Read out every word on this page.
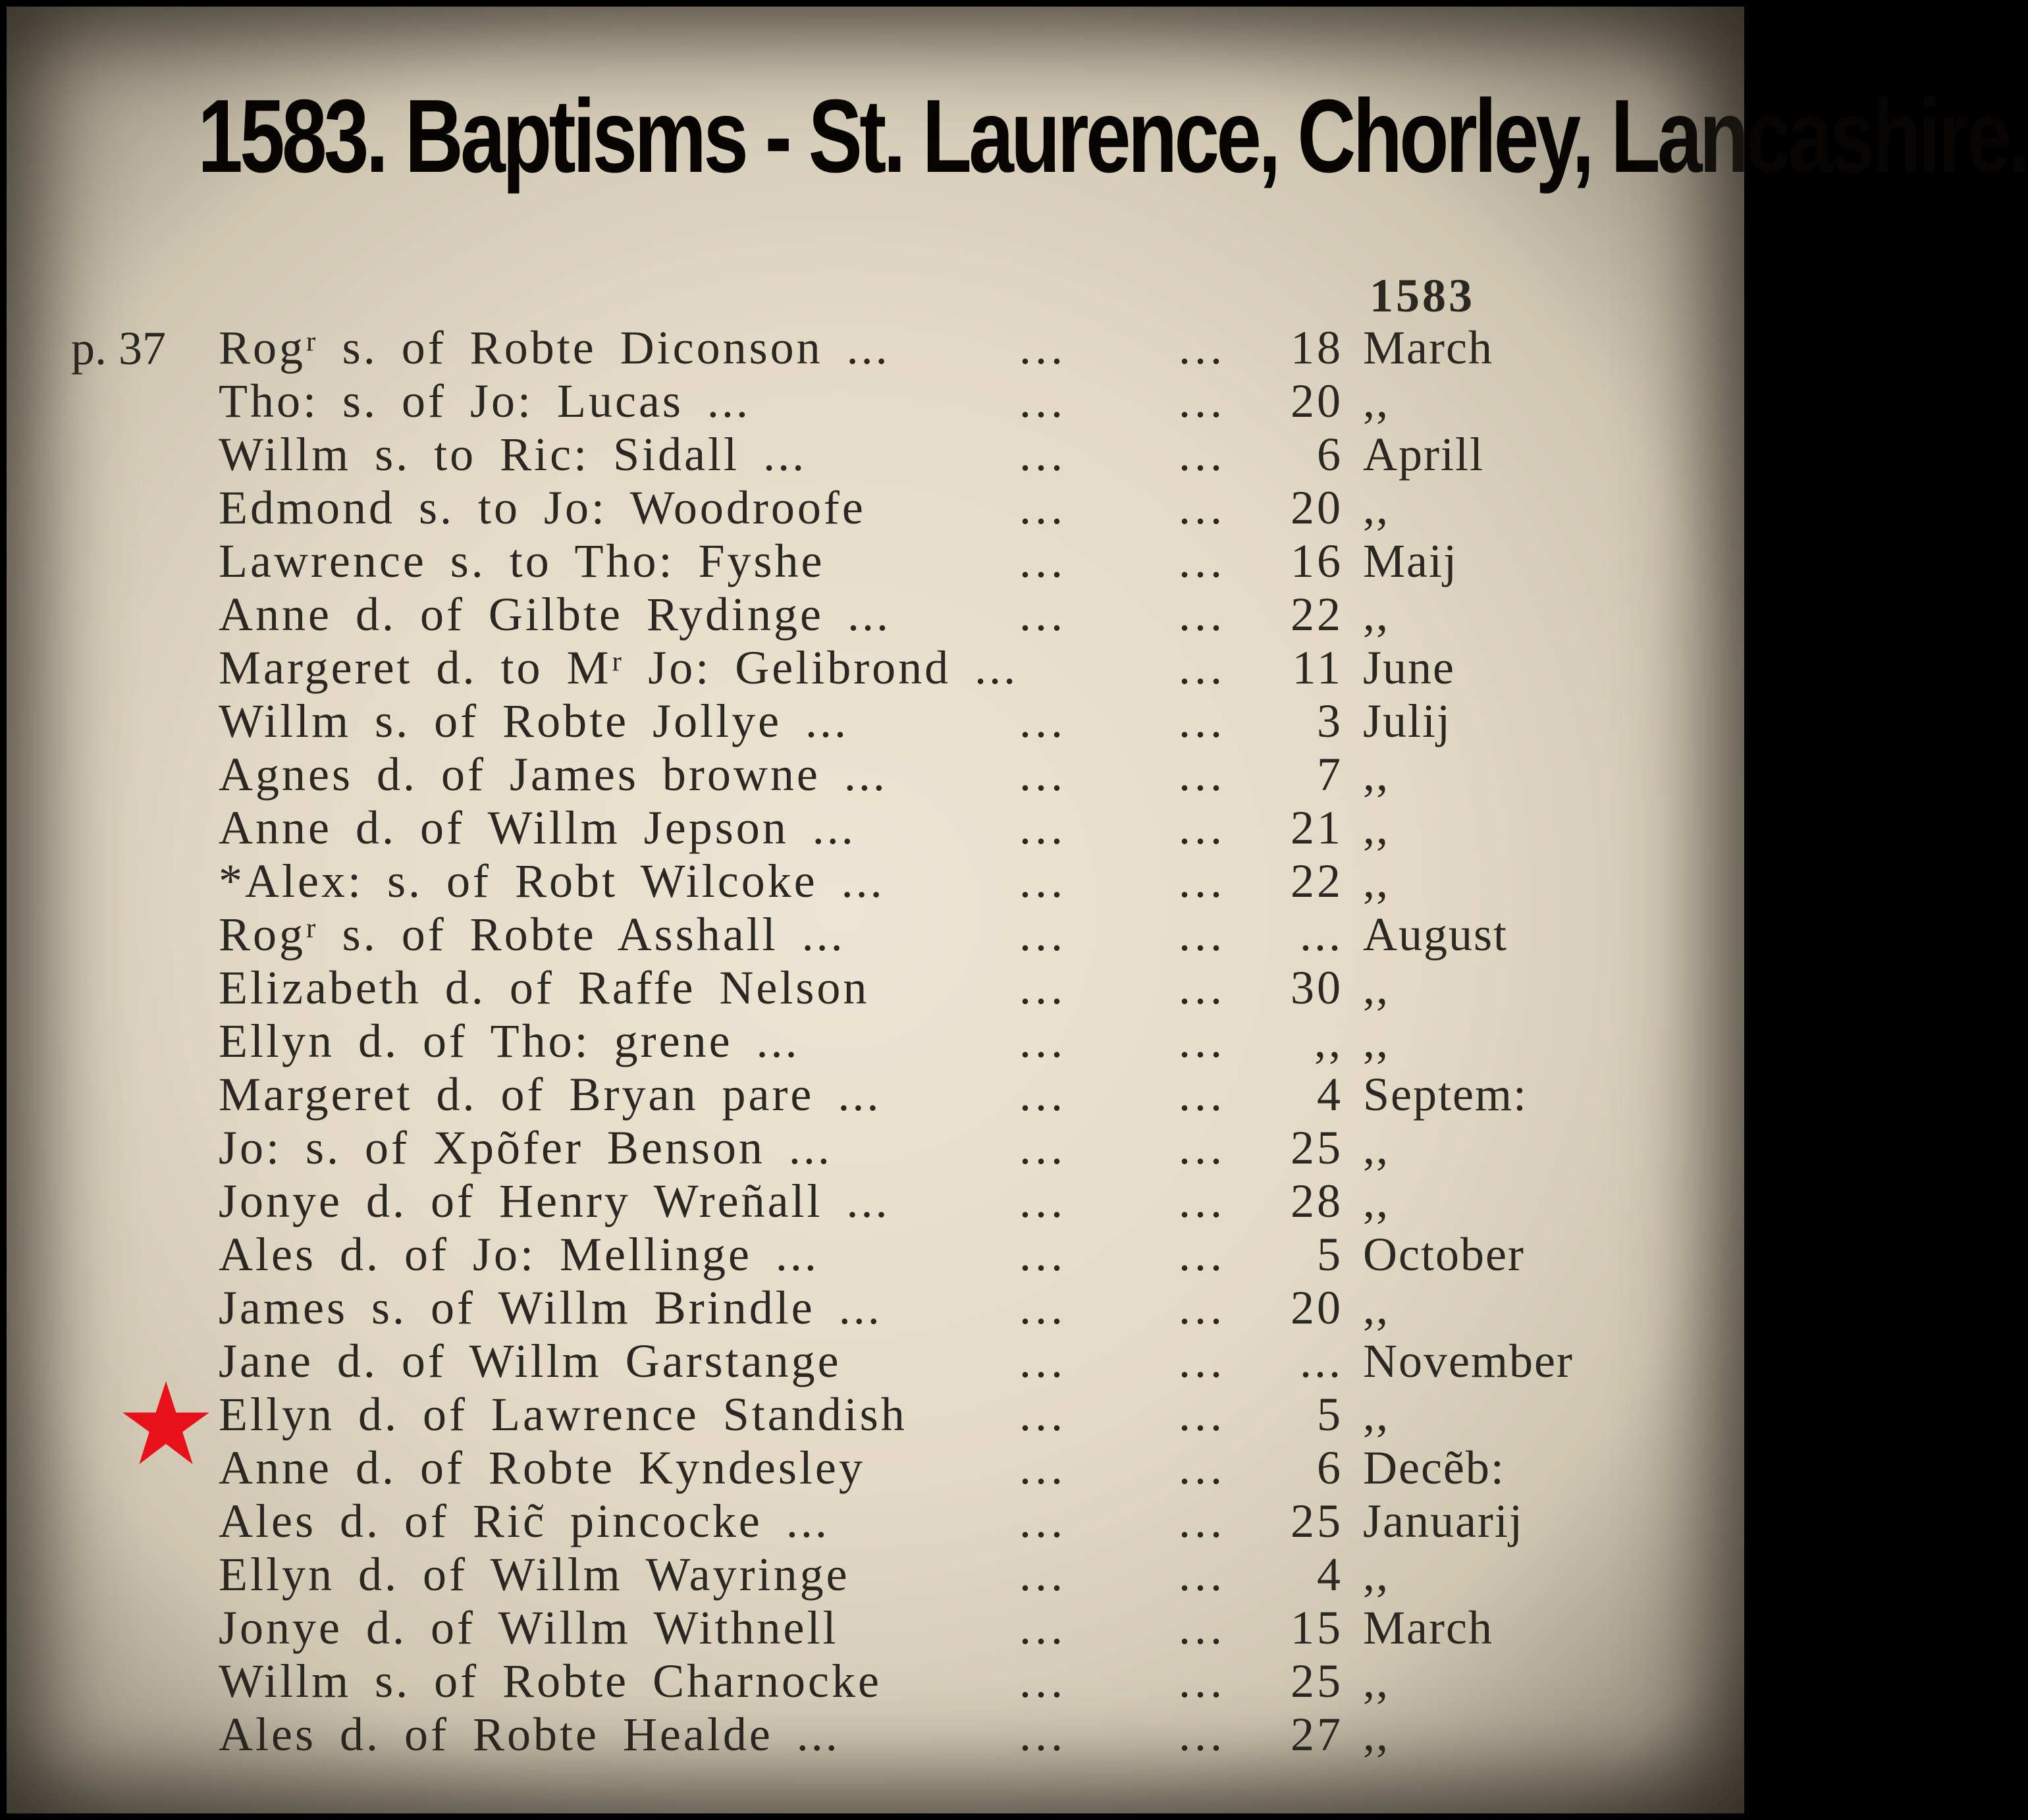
1583. Baptisms - St. Laurence, Chorley, Lancashire.
1583
p. 37 Rogʳ s. of Robte Diconson ...	... ...	18 March
Tho: s. of Jo: Lucas ...	... ...	20 ,,
Willm s. to Ric: Sidall ...	... ...	6 Aprill
Edmond s. to Jo: Woodroofe	... ...	20 ,,
Lawrence s. to Tho: Fyshe	... ...	16 Maij
Anne d. of Gilbte Rydinge ...	... ...	22 ,,
Margeret d. to Mʳ Jo: Gelibrond ...	...	11 June
Willm s. of Robte Jollye ...	... ...	3 Julij
Agnes d. of James browne ...	... ...	7 ,,
Anne d. of Willm Jepson ...	... ...	21 ,,
*Alex: s. of Robt Wilcoke ...	... ...	22 ,,
Rogʳ s. of Robte Asshall ...	... ...	... August
Elizabeth d. of Raffe Nelson	... ...	30 ,,
Ellyn d. of Tho: grene ...	... ...	,, ,,
Margeret d. of Bryan pare ...	... ...	4 Septem:
Jo: s. of Xpõfer Benson ...	... ...	25 ,,
Jonye d. of Henry Wreñall ...	... ...	28 ,,
Ales d. of Jo: Mellinge ...	... ...	5 October
James s. of Willm Brindle ...	... ...	20 ,,
Jane d. of Willm Garstange	... ...	... November
Ellyn d. of Lawrence Standish ... ...	5 ,,
Anne d. of Robte Kyndesley	... ...	6 Decẽb:
Ales d. of Ric̃ pincocke ...	... ...	25 Januarij
Ellyn d. of Willm Wayringe	... ...	4 ,,
Jonye d. of Willm Withnell	... ...	15 March
Willm s. of Robte Charnocke	... ...	25 ,,
Ales d. of Robte Healde ...	... ...	27 ,,
